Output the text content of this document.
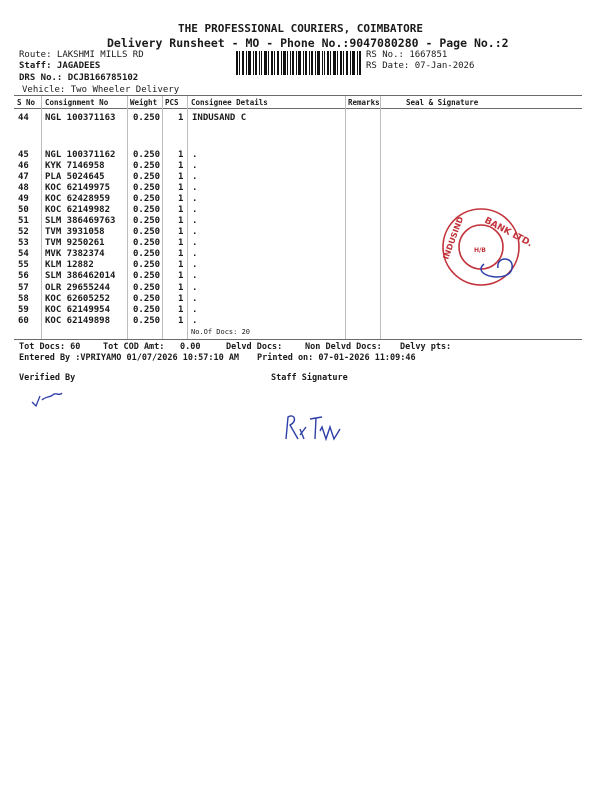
THE PROFESSIONAL COURIERS, COIMBATORE
Delivery Runsheet - MO - Phone No.:9047080280 - Page No.:2
Route: LAKSHMI MILLS RD
Staff: JAGADEES
DRS No.: DCJB166785102
Vehicle: Two Wheeler Delivery
RS No.: 1667851
RS Date: 07-Jan-2026
S No Consignment No	Weight PCS Consignee Details	Remarks	Seal & Signature
44 NGL 100371163 0.250 1 INDUSAND C
45 NGL 100371162 0.250 1 .
46 KYK 7146958	0.250 1 .
47 PLA 5024645	0.250 1 .
48 KOC 62149975	0.250 1 .
49 KOC 62428959	0.250 1 .
50 KOC 62149982	0.250 1 .
51 SLM 386469763 0.250 1 .
52 TVM 3931058	0.250 1 .
53 TVM 9250261	0.250 1 .
54 MVK 7382374	0.250 1 .
55 KLM 12882	0.250 1 .
56 SLM 386462014 0.250 1 .
57 OLR 29655244	0.250 1 .
58 KOC 62605252	0.250 1 .
59 KOC 62149954	0.250 1 .
60 KOC 62149898	0.250 1 .
No.Of Docs: 20
Tot Docs: 60	Tot COD Amt: 0.00	Delvd Docs:	Non Delvd Docs: Delvy pts:
Entered By :VPRIYAMO 01/07/2026 10:57:10 AM Printed on: 07-01-2026 11:09:46
Verified By	Staff Signature
BANK LTD.
INDUSIND H/B
